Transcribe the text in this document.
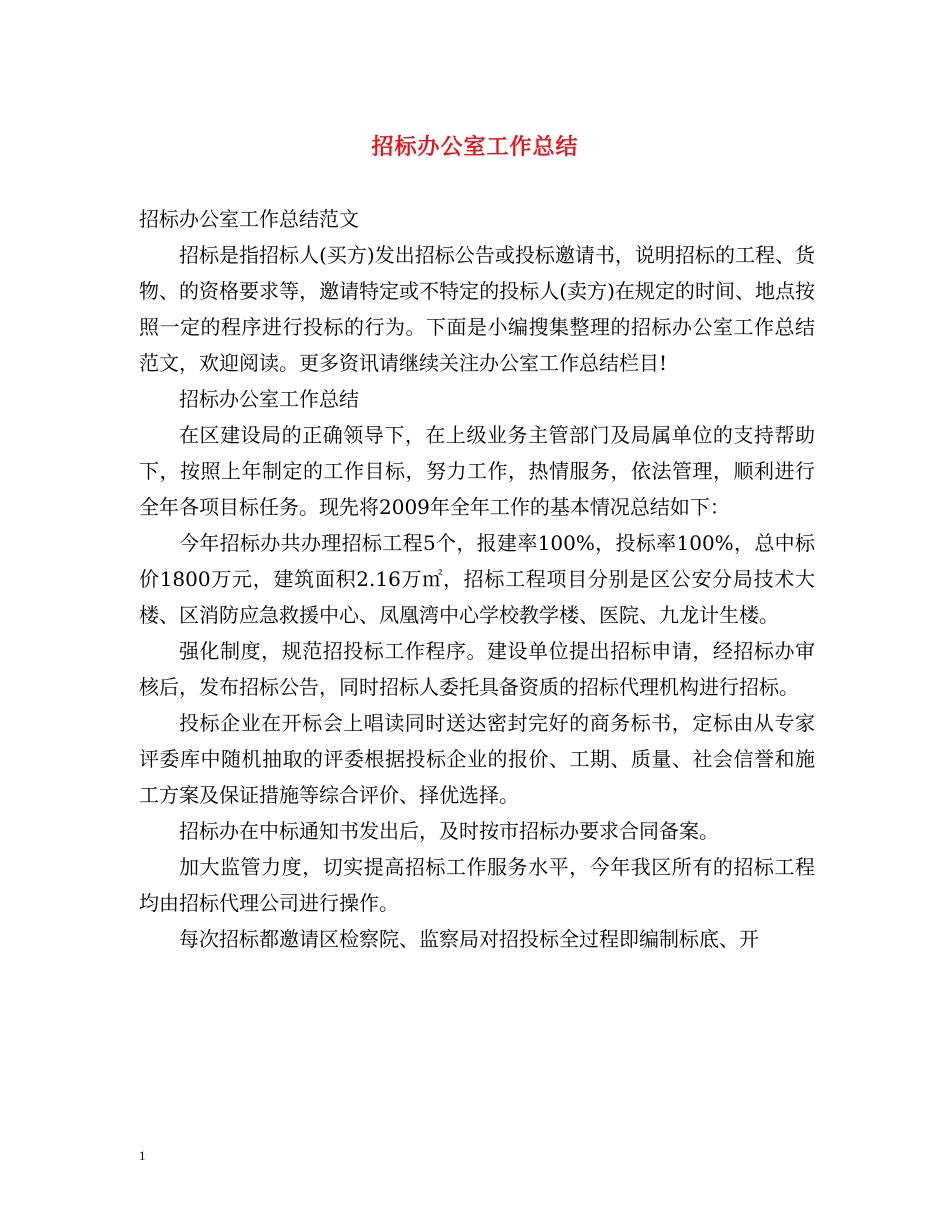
招标办公室工作总结

招标办公室工作总结范文

招标是指招标人(买方)发出招标公告或投标邀请书，说明招标的工程、货物、的资格要求等，邀请特定或不特定的投标人(卖方)在规定的时间、地点按照一定的程序进行投标的行为。下面是小编搜集整理的招标办公室工作总结范文，欢迎阅读。更多资讯请继续关注办公室工作总结栏目!

招标办公室工作总结

在区建设局的正确领导下，在上级业务主管部门及局属单位的支持帮助下，按照上年制定的工作目标，努力工作，热情服务，依法管理，顺利进行全年各项目标任务。现先将2009年全年工作的基本情况总结如下：

今年招标办共办理招标工程5个，报建率100%，投标率100%，总中标价1800万元，建筑面积2.16万㎡，招标工程项目分别是区公安分局技术大楼、区消防应急救援中心、凤凰湾中心学校教学楼、医院、九龙计生楼。

强化制度，规范招投标工作程序。建设单位提出招标申请，经招标办审核后，发布招标公告，同时招标人委托具备资质的招标代理机构进行招标。

投标企业在开标会上唱读同时送达密封完好的商务标书，定标由从专家评委库中随机抽取的评委根据投标企业的报价、工期、质量、社会信誉和施工方案及保证措施等综合评价、择优选择。

招标办在中标通知书发出后，及时按市招标办要求合同备案。

加大监管力度，切实提高招标工作服务水平，今年我区所有的招标工程均由招标代理公司进行操作。

每次招标都邀请区检察院、监察局对招投标全过程即编制标底、开

1
